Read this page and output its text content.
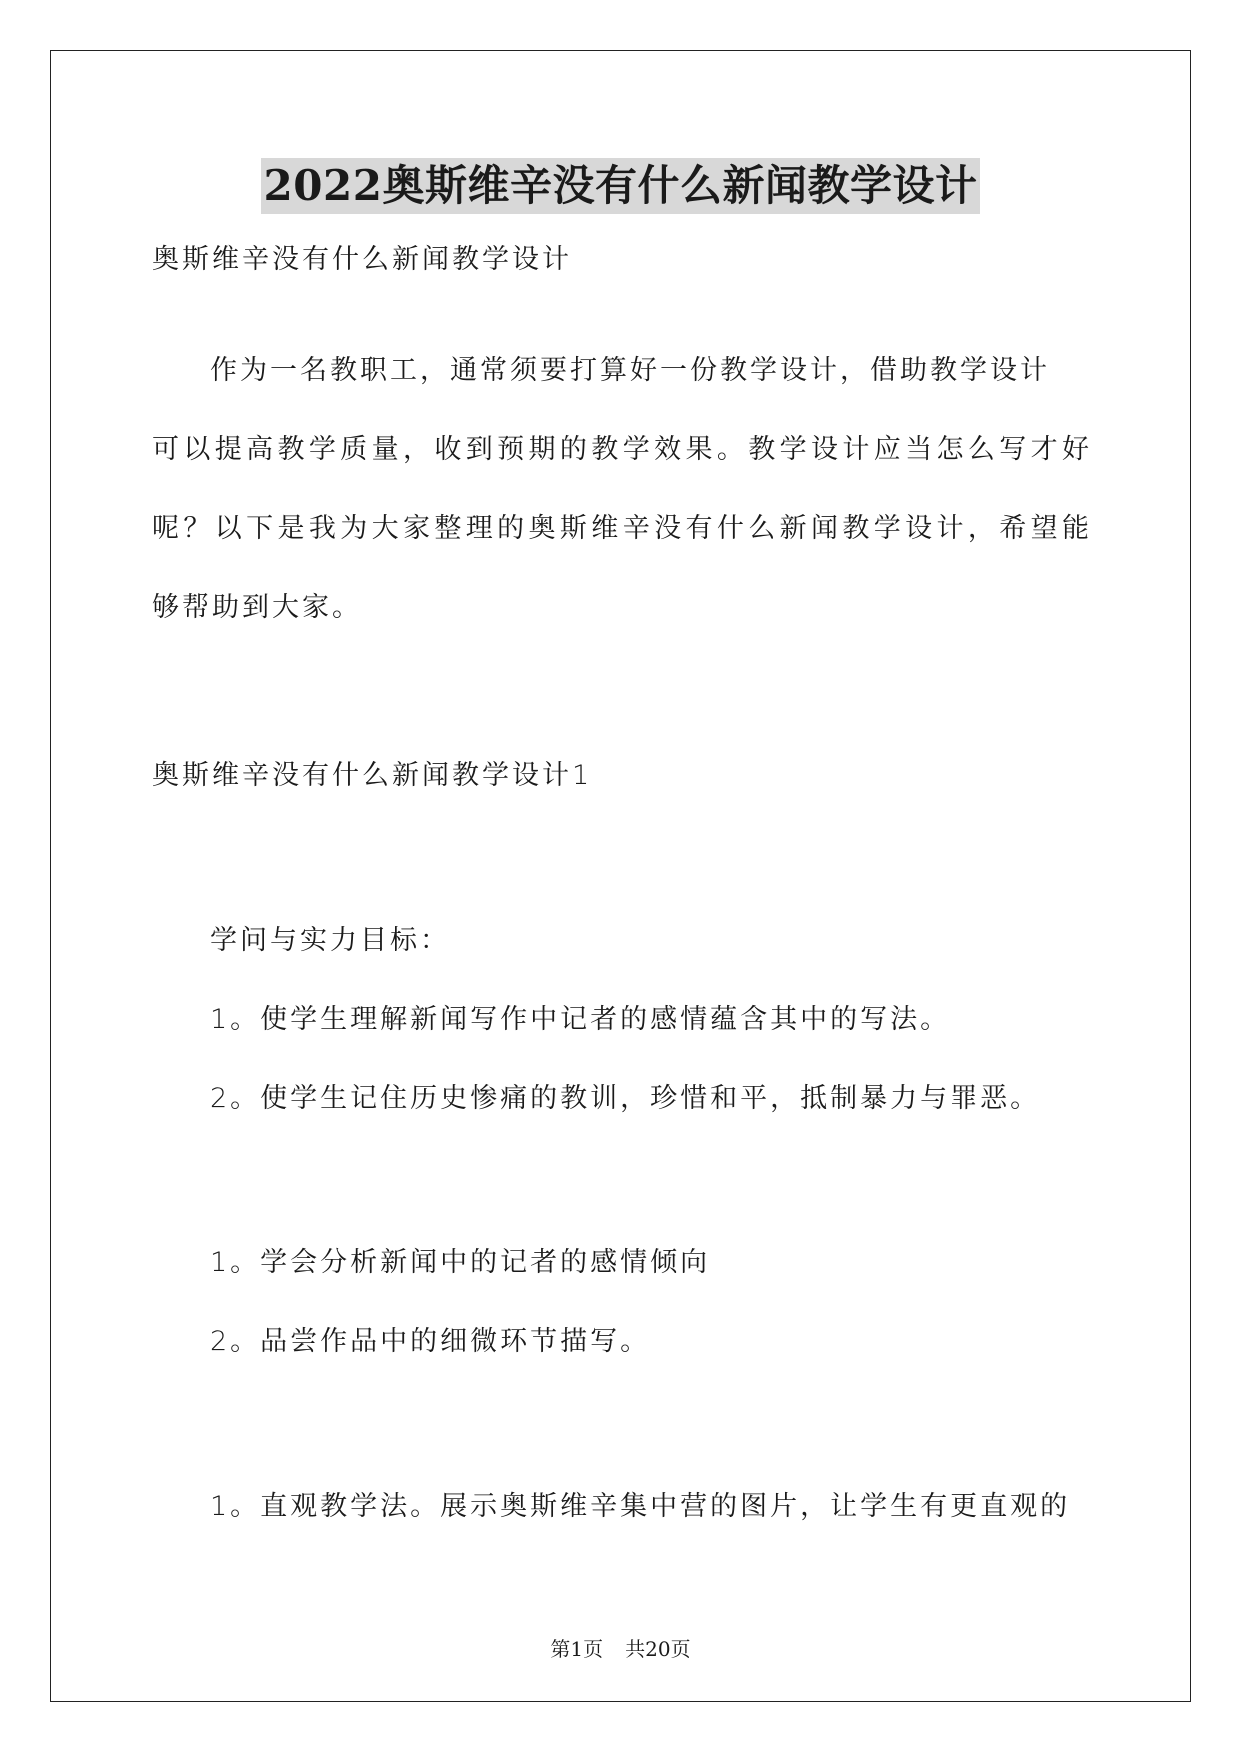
2022奥斯维辛没有什么新闻教学设计
奥斯维辛没有什么新闻教学设计
作为一名教职工，通常须要打算好一份教学设计，借助教学设计
可以提高教学质量，收到预期的教学效果。教学设计应当怎么写才好
呢？以下是我为大家整理的奥斯维辛没有什么新闻教学设计，希望能
够帮助到大家。
奥斯维辛没有什么新闻教学设计1
学问与实力目标：
1。使学生理解新闻写作中记者的感情蕴含其中的写法。
2。使学生记住历史惨痛的教训，珍惜和平，抵制暴力与罪恶。
1。学会分析新闻中的记者的感情倾向
2。品尝作品中的细微环节描写。
1。直观教学法。展示奥斯维辛集中营的图片，让学生有更直观的
第1页 共20页
